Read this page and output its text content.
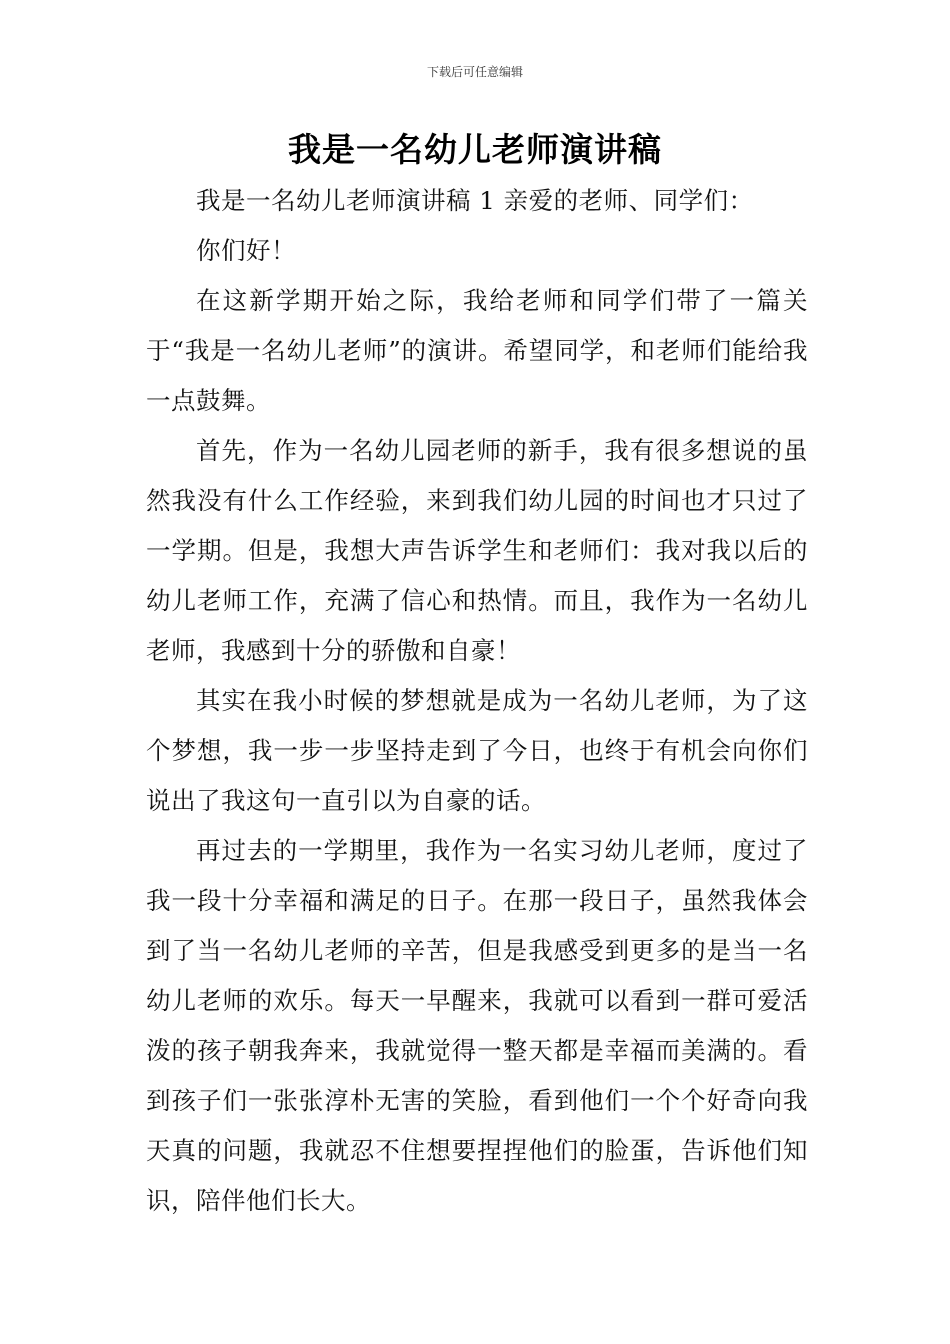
下载后可任意编辑
我是一名幼儿老师演讲稿

我是一名幼儿老师演讲稿 1 亲爱的老师、同学们：

你们好！

在这新学期开始之际，我给老师和同学们带了一篇关于“我是一名幼儿老师”的演讲。希望同学，和老师们能给我一点鼓舞。

首先，作为一名幼儿园老师的新手，我有很多想说的虽然我没有什么工作经验，来到我们幼儿园的时间也才只过了一学期。但是，我想大声告诉学生和老师们：我对我以后的幼儿老师工作，充满了信心和热情。而且，我作为一名幼儿老师，我感到十分的骄傲和自豪！

其实在我小时候的梦想就是成为一名幼儿老师，为了这个梦想，我一步一步坚持走到了今日，也终于有机会向你们说出了我这句一直引以为自豪的话。

再过去的一学期里，我作为一名实习幼儿老师，度过了我一段十分幸福和满足的日子。在那一段日子，虽然我体会到了当一名幼儿老师的辛苦，但是我感受到更多的是当一名幼儿老师的欢乐。每天一早醒来，我就可以看到一群可爱活泼的孩子朝我奔来，我就觉得一整天都是幸福而美满的。看到孩子们一张张淳朴无害的笑脸，看到他们一个个好奇向我天真的问题，我就忍不住想要捏捏他们的脸蛋，告诉他们知识，陪伴他们长大。
